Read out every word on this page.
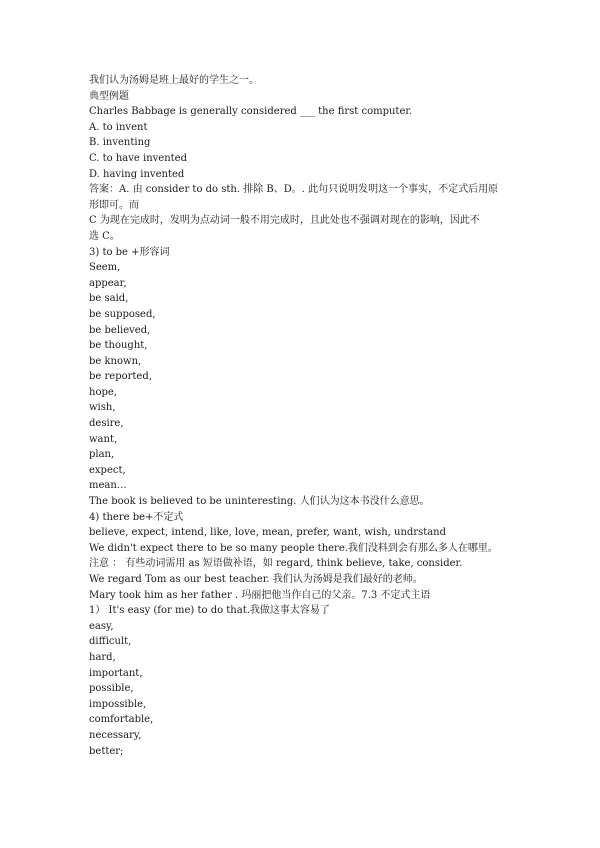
我们认为汤姆是班上最好的学生之一。
典型例题
Charles Babbage is generally considered ___ the first computer.
A. to invent
B. inventing
C. to have invented
D. having invented
答案：A. 由 consider to do sth. 排除 B、D。. 此句只说明发明这一个事实，不定式后用原
形即可。而
C 为现在完成时，发明为点动词一般不用完成时，且此处也不强调对现在的影响，因此不
选 C。
3) to be +形容词
Seem,
appear,
be said,
be supposed,
be believed,
be thought,
be known,
be reported,
hope,
wish,
desire,
want,
plan,
expect,
mean…
The book is believed to be uninteresting. 人们认为这本书没什么意思。
4) there be+不定式
believe, expect, intend, like, love, mean, prefer, want, wish, undrstand
We didn't expect there to be so many people there.我们没料到会有那么多人在哪里。
注意 ： 有些动词需用 as 短语做补语，如 regard, think believe, take, consider.
We regard Tom as our best teacher. 我们认为汤姆是我们最好的老师。
Mary took him as her father . 玛丽把他当作自己的父亲。7.3 不定式主语
1） It's easy (for me) to do that.我做这事太容易了
easy,
difficult,
hard,
important,
possible,
impossible,
comfortable,
necessary,
better;
